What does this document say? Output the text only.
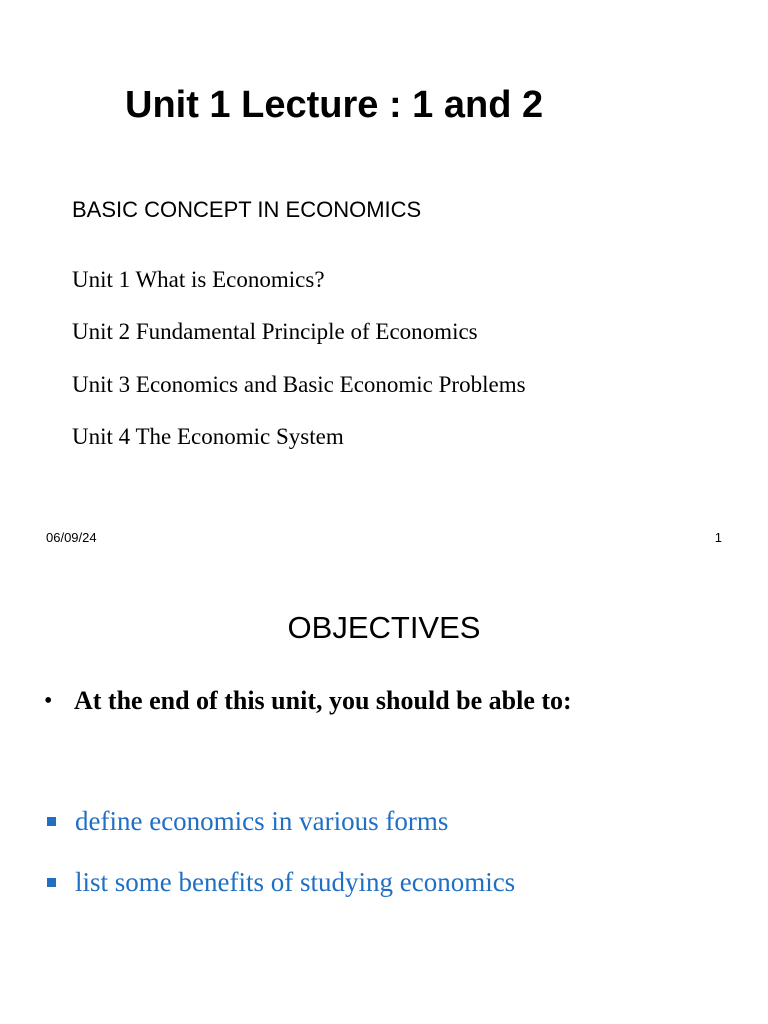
Unit 1 Lecture : 1 and 2
BASIC CONCEPT IN ECONOMICS
Unit 1 What is Economics?
Unit 2 Fundamental Principle of Economics
Unit 3 Economics and Basic Economic Problems
Unit 4 The Economic System
06/09/24	1
OBJECTIVES
• At the end of this unit, you should be able to:
define economics in various forms
list some benefits of studying economics
